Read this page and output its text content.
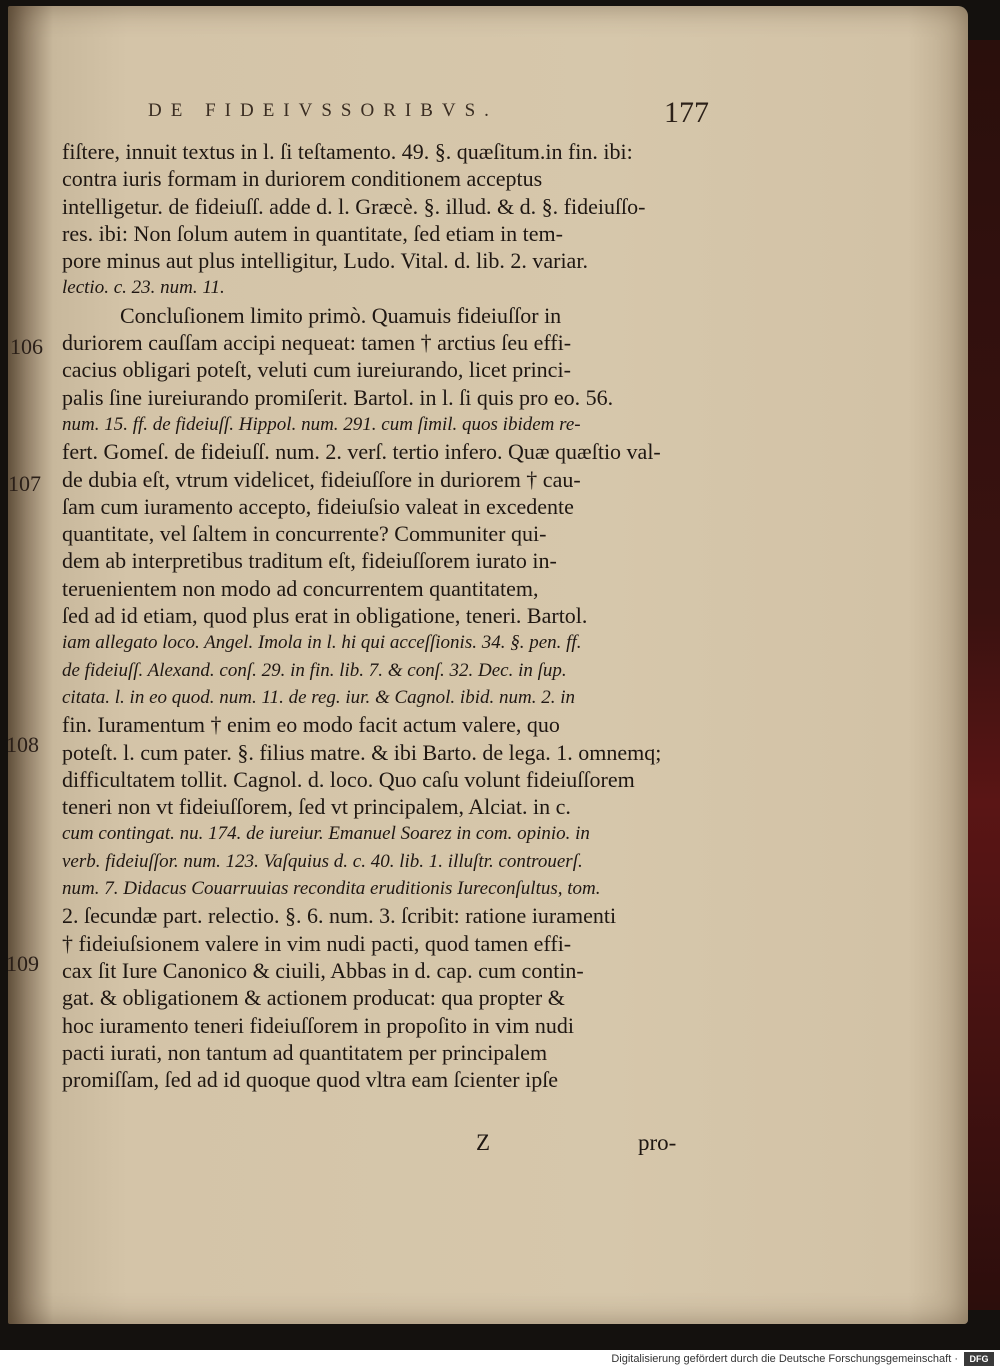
DE FIDEIVSSORIBVS.	177
106
107
108
109
fiſtere, innuit textus in l. ſi teſtamento. 49. §. quæſitum.in fin. ibi:
contra iuris formam in duriorem conditionem acceptus
intelligetur. de fideiuſſ. adde d. l. Græcè. §. illud. & d. §. fideiuſſo-
res. ibi: Non ſolum autem in quantitate, ſed etiam in tem-
pore minus aut plus intelligitur, Ludo. Vital. d. lib. 2. variar.
lectio. c. 23. num. 11.
Concluſionem limito primò. Quamuis fideiuſſor in
duriorem cauſſam accipi nequeat: tamen † arctius ſeu effi-
cacius obligari poteſt, veluti cum iureiurando, licet princi-
palis ſine iureiurando promiſerit. Bartol. in l. ſi quis pro eo. 56.
num. 15. ff. de fideiuſſ. Hippol. num. 291. cum ſimil. quos ibidem re-
fert. Gomeſ. de fideiuſſ. num. 2. verſ. tertio infero. Quæ quæſtio val-
de dubia eſt, vtrum videlicet, fideiuſſore in duriorem † cau-
ſam cum iuramento accepto, fideiuſsio valeat in excedente
quantitate, vel ſaltem in concurrente? Communiter qui-
dem ab interpretibus traditum eſt, fideiuſſorem iurato in-
teruenientem non modo ad concurrentem quantitatem,
ſed ad id etiam, quod plus erat in obligatione, teneri. Bartol.
iam allegato loco. Angel. Imola in l. hi qui acceſſionis. 34. §. pen. ff.
de fideiuſſ. Alexand. conſ. 29. in fin. lib. 7. & conſ. 32. Dec. in ſup.
citata. l. in eo quod. num. 11. de reg. iur. & Cagnol. ibid. num. 2. in
fin. Iuramentum † enim eo modo facit actum valere, quo
poteſt. l. cum pater. §. filius matre. & ibi Barto. de lega. 1. omnemq;
difficultatem tollit. Cagnol. d. loco. Quo caſu volunt fideiuſſorem
teneri non vt fideiuſſorem, ſed vt principalem, Alciat. in c.
cum contingat. nu. 174. de iureiur. Emanuel Soarez in com. opinio. in
verb. fideiuſſor. num. 123. Vaſquius d. c. 40. lib. 1. illuſtr. controuerſ.
num. 7. Didacus Couarruuias recondita eruditionis Iureconſultus, tom.
2. ſecundæ part. relectio. §. 6. num. 3. ſcribit: ratione iuramenti
† fideiuſsionem valere in vim nudi pacti, quod tamen effi-
cax ſit Iure Canonico & ciuili, Abbas in d. cap. cum contin-
gat. & obligationem & actionem producat: qua propter &
hoc iuramento teneri fideiuſſorem in propoſito in vim nudi
pacti iurati, non tantum ad quantitatem per principalem
promiſſam, ſed ad id quoque quod vltra eam ſcienter ipſe
Z	pro-
Digitalisierung gefördert durch die Deutsche Forschungsgemeinschaft ·	DFG
